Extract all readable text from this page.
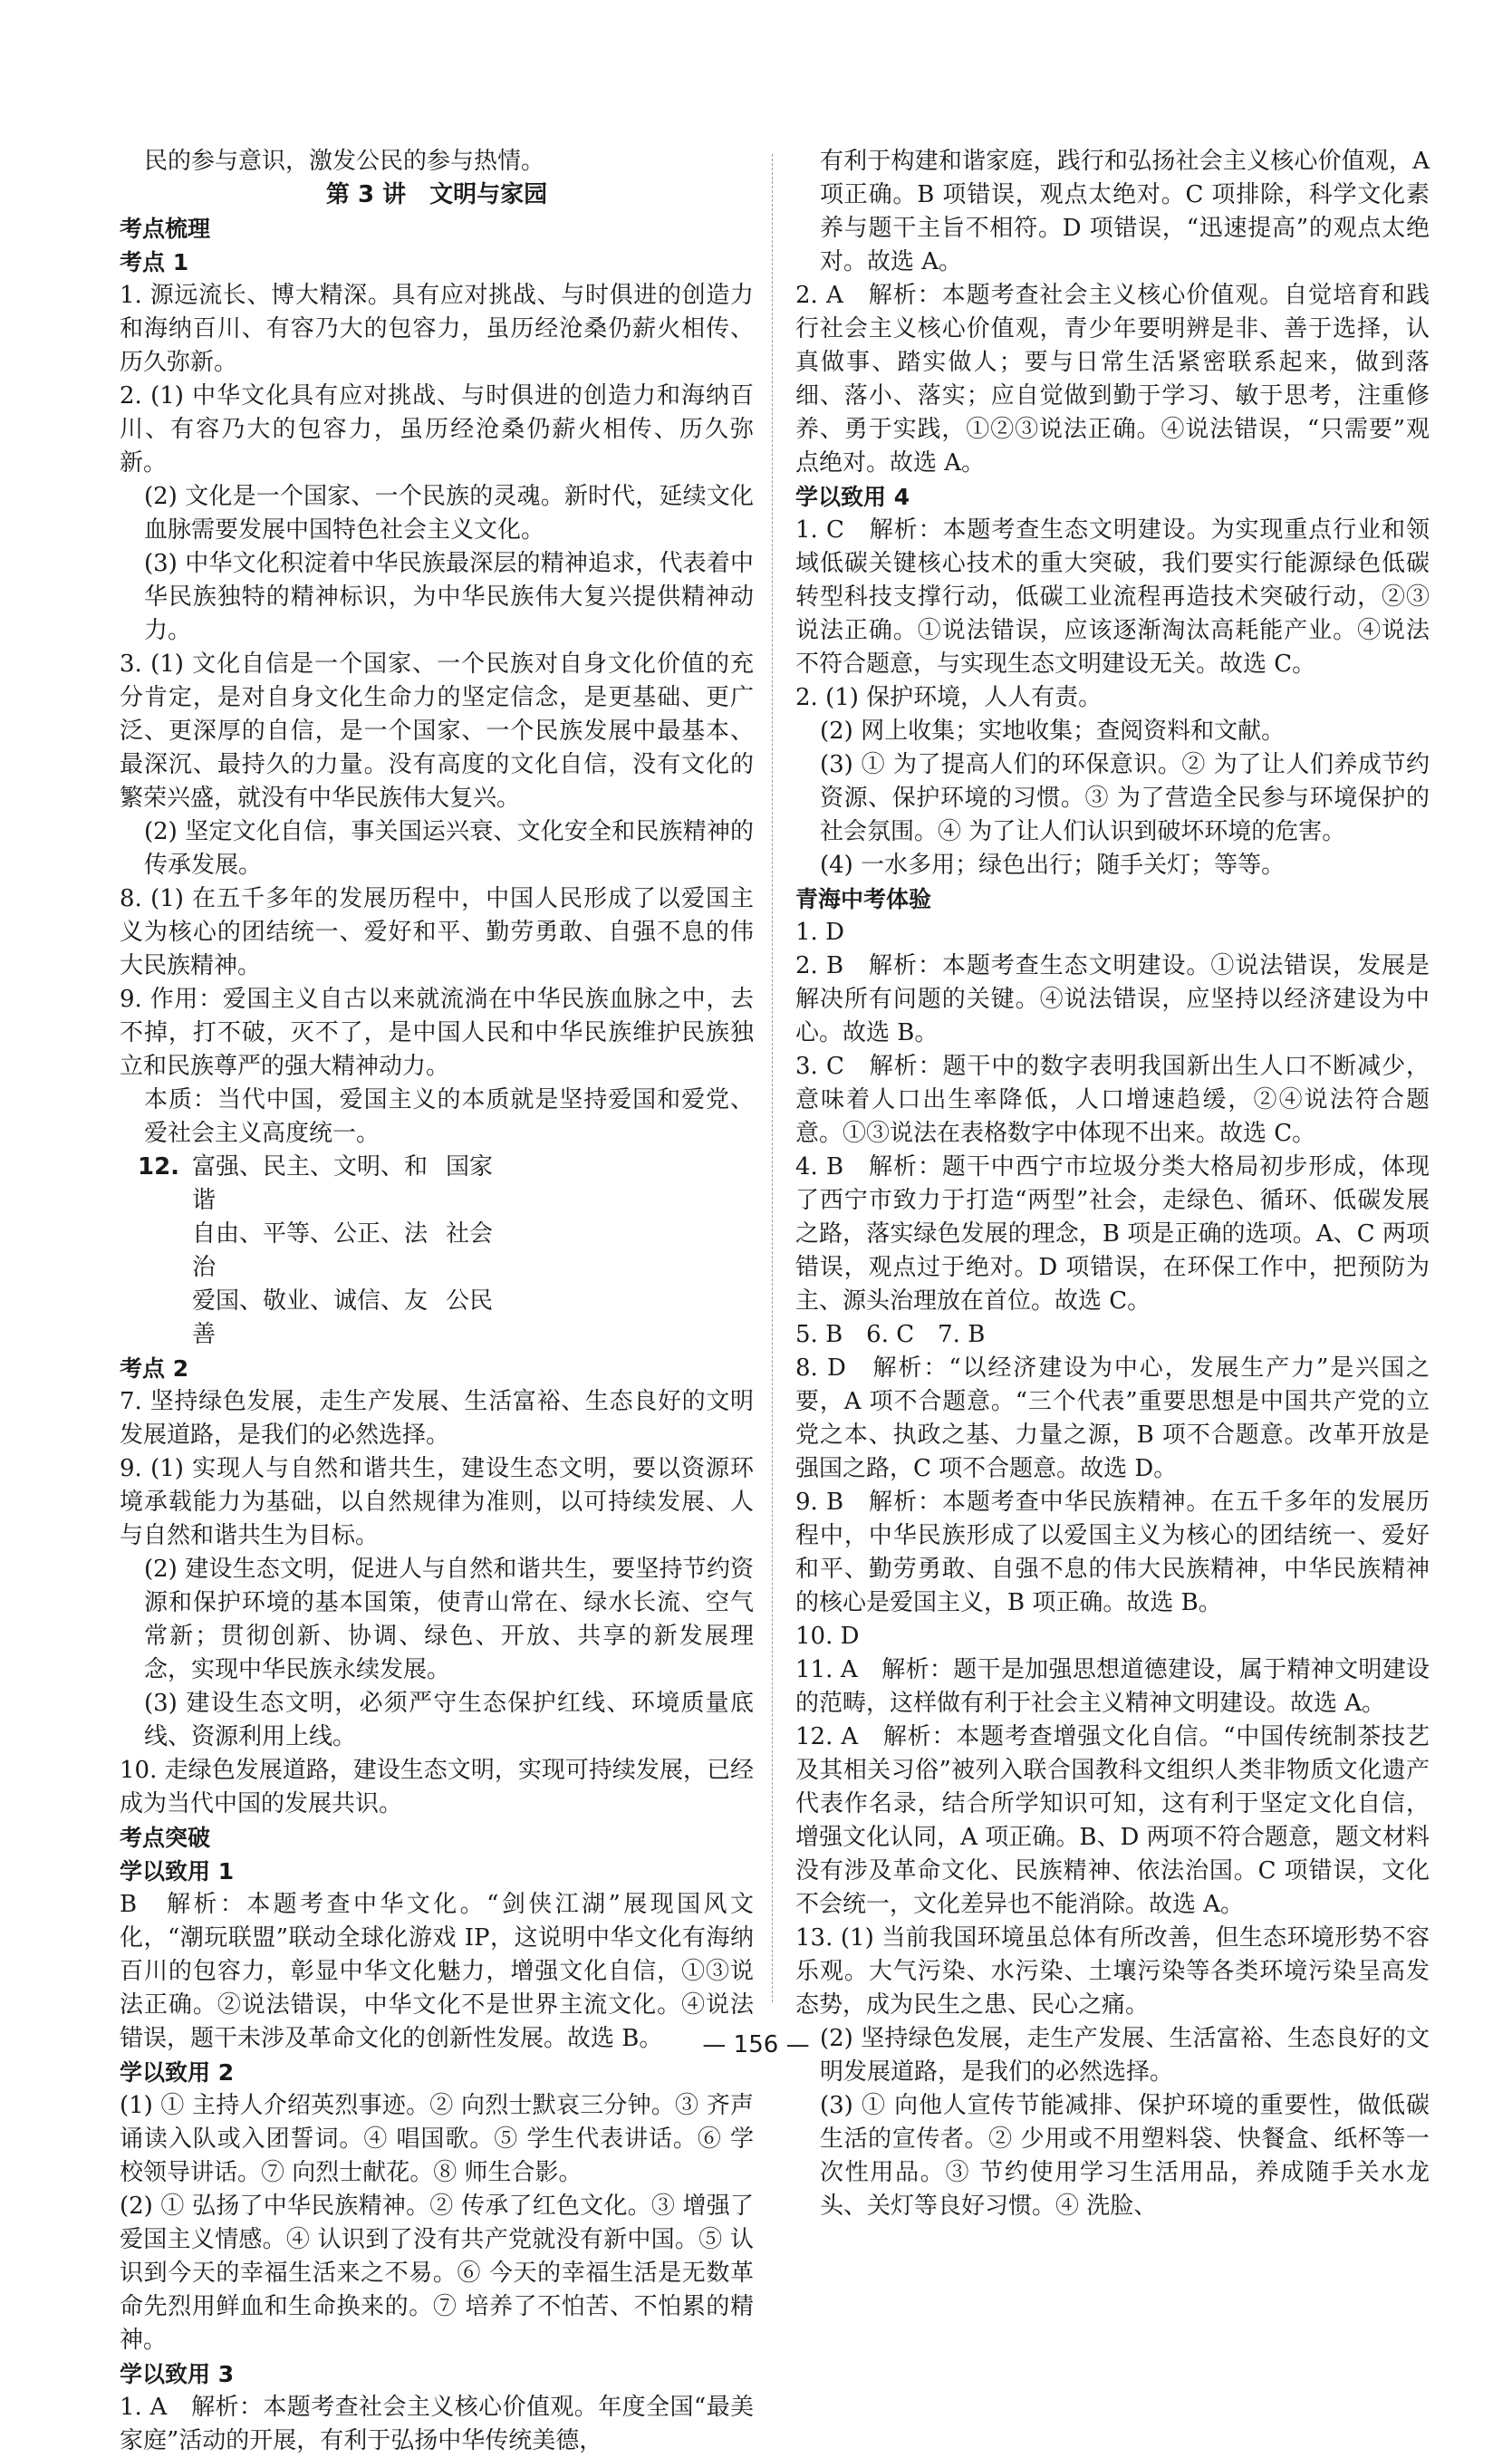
民的参与意识，激发公民的参与热情。

第 3 讲　文明与家园

考点梳理

考点 1

1. 源远流长、博大精深。具有应对挑战、与时俱进的创造力和海纳百川、有容乃大的包容力，虽历经沧桑仍薪火相传、历久弥新。

2. (1) 中华文化具有应对挑战、与时俱进的创造力和海纳百川、有容乃大的包容力，虽历经沧桑仍薪火相传、历久弥新。

(2) 文化是一个国家、一个民族的灵魂。新时代，延续文化血脉需要发展中国特色社会主义文化。

(3) 中华文化积淀着中华民族最深层的精神追求，代表着中华民族独特的精神标识，为中华民族伟大复兴提供精神动力。

3. (1) 文化自信是一个国家、一个民族对自身文化价值的充分肯定，是对自身文化生命力的坚定信念，是更基础、更广泛、更深厚的自信，是一个国家、一个民族发展中最基本、最深沉、最持久的力量。没有高度的文化自信，没有文化的繁荣兴盛，就没有中华民族伟大复兴。

(2) 坚定文化自信，事关国运兴衰、文化安全和民族精神的传承发展。

8. (1) 在五千多年的发展历程中，中国人民形成了以爱国主义为核心的团结统一、爱好和平、勤劳勇敢、自强不息的伟大民族精神。

9. 作用：爱国主义自古以来就流淌在中华民族血脉之中，去不掉，打不破，灭不了，是中国人民和中华民族维护民族独立和民族尊严的强大精神动力。

本质：当代中国，爱国主义的本质就是坚持爱国和爱党、爱社会主义高度统一。

12. 富强、民主、文明、和谐
国家
自由、平等、公正、法治
社会
爱国、敬业、诚信、友善
公民

考点 2

7. 坚持绿色发展，走生产发展、生活富裕、生态良好的文明发展道路，是我们的必然选择。

9. (1) 实现人与自然和谐共生，建设生态文明，要以资源环境承载能力为基础，以自然规律为准则，以可持续发展、人与自然和谐共生为目标。

(2) 建设生态文明，促进人与自然和谐共生，要坚持节约资源和保护环境的基本国策，使青山常在、绿水长流、空气常新；贯彻创新、协调、绿色、开放、共享的新发展理念，实现中华民族永续发展。

(3) 建设生态文明，必须严守生态保护红线、环境质量底线、资源利用上线。

10. 走绿色发展道路，建设生态文明，实现可持续发展，已经成为当代中国的发展共识。

考点突破

学以致用 1

B　解析：本题考查中华文化。“剑侠江湖”展现国风文化，“潮玩联盟”联动全球化游戏 IP，这说明中华文化有海纳百川的包容力，彰显中华文化魅力，增强文化自信，①③说法正确。②说法错误，中华文化不是世界主流文化。④说法错误，题干未涉及革命文化的创新性发展。故选 B。

学以致用 2

(1) ① 主持人介绍英烈事迹。② 向烈士默哀三分钟。③ 齐声诵读入队或入团誓词。④ 唱国歌。⑤ 学生代表讲话。⑥ 学校领导讲话。⑦ 向烈士献花。⑧ 师生合影。

(2) ① 弘扬了中华民族精神。② 传承了红色文化。③ 增强了爱国主义情感。④ 认识到了没有共产党就没有新中国。⑤ 认识到今天的幸福生活来之不易。⑥ 今天的幸福生活是无数革命先烈用鲜血和生命换来的。⑦ 培养了不怕苦、不怕累的精神。

学以致用 3

1. A　解析：本题考查社会主义核心价值观。年度全国“最美家庭”活动的开展，有利于弘扬中华传统美德，

有利于构建和谐家庭，践行和弘扬社会主义核心价值观，A 项正确。B 项错误，观点太绝对。C 项排除，科学文化素养与题干主旨不相符。D 项错误，“迅速提高”的观点太绝对。故选 A。

2. A　解析：本题考查社会主义核心价值观。自觉培育和践行社会主义核心价值观，青少年要明辨是非、善于选择，认真做事、踏实做人；要与日常生活紧密联系起来，做到落细、落小、落实；应自觉做到勤于学习、敏于思考，注重修养、勇于实践，①②③说法正确。④说法错误，“只需要”观点绝对。故选 A。

学以致用 4

1. C　解析：本题考查生态文明建设。为实现重点行业和领域低碳关键核心技术的重大突破，我们要实行能源绿色低碳转型科技支撑行动，低碳工业流程再造技术突破行动，②③说法正确。①说法错误，应该逐渐淘汰高耗能产业。④说法不符合题意，与实现生态文明建设无关。故选 C。

2. (1) 保护环境，人人有责。

(2) 网上收集；实地收集；查阅资料和文献。

(3) ① 为了提高人们的环保意识。② 为了让人们养成节约资源、保护环境的习惯。③ 为了营造全民参与环境保护的社会氛围。④ 为了让人们认识到破坏环境的危害。

(4) 一水多用；绿色出行；随手关灯；等等。

青海中考体验

1. D

2. B　解析：本题考查生态文明建设。①说法错误，发展是解决所有问题的关键。④说法错误，应坚持以经济建设为中心。故选 B。

3. C　解析：题干中的数字表明我国新出生人口不断减少，意味着人口出生率降低，人口增速趋缓，②④说法符合题意。①③说法在表格数字中体现不出来。故选 C。

4. B　解析：题干中西宁市垃圾分类大格局初步形成，体现了西宁市致力于打造“两型”社会，走绿色、循环、低碳发展之路，落实绿色发展的理念，B 项是正确的选项。A、C 两项错误，观点过于绝对。D 项错误，在环保工作中，把预防为主、源头治理放在首位。故选 C。

5. B　6. C　7. B

8. D　解析：“以经济建设为中心，发展生产力”是兴国之要，A 项不合题意。“三个代表”重要思想是中国共产党的立党之本、执政之基、力量之源，B 项不合题意。改革开放是强国之路，C 项不合题意。故选 D。

9. B　解析：本题考查中华民族精神。在五千多年的发展历程中，中华民族形成了以爱国主义为核心的团结统一、爱好和平、勤劳勇敢、自强不息的伟大民族精神，中华民族精神的核心是爱国主义，B 项正确。故选 B。

10. D

11. A　解析：题干是加强思想道德建设，属于精神文明建设的范畴，这样做有利于社会主义精神文明建设。故选 A。

12. A　解析：本题考查增强文化自信。“中国传统制茶技艺及其相关习俗”被列入联合国教科文组织人类非物质文化遗产代表作名录，结合所学知识可知，这有利于坚定文化自信，增强文化认同，A 项正确。B、D 两项不符合题意，题文材料没有涉及革命文化、民族精神、依法治国。C 项错误，文化不会统一，文化差异也不能消除。故选 A。

13. (1) 当前我国环境虽总体有所改善，但生态环境形势不容乐观。大气污染、水污染、土壤污染等各类环境污染呈高发态势，成为民生之患、民心之痛。

(2) 坚持绿色发展，走生产发展、生活富裕、生态良好的文明发展道路，是我们的必然选择。

(3) ① 向他人宣传节能减排、保护环境的重要性，做低碳生活的宣传者。② 少用或不用塑料袋、快餐盒、纸杯等一次性用品。③ 节约使用学习生活用品，养成随手关水龙头、关灯等良好习惯。④ 洗脸、

— 156 —
